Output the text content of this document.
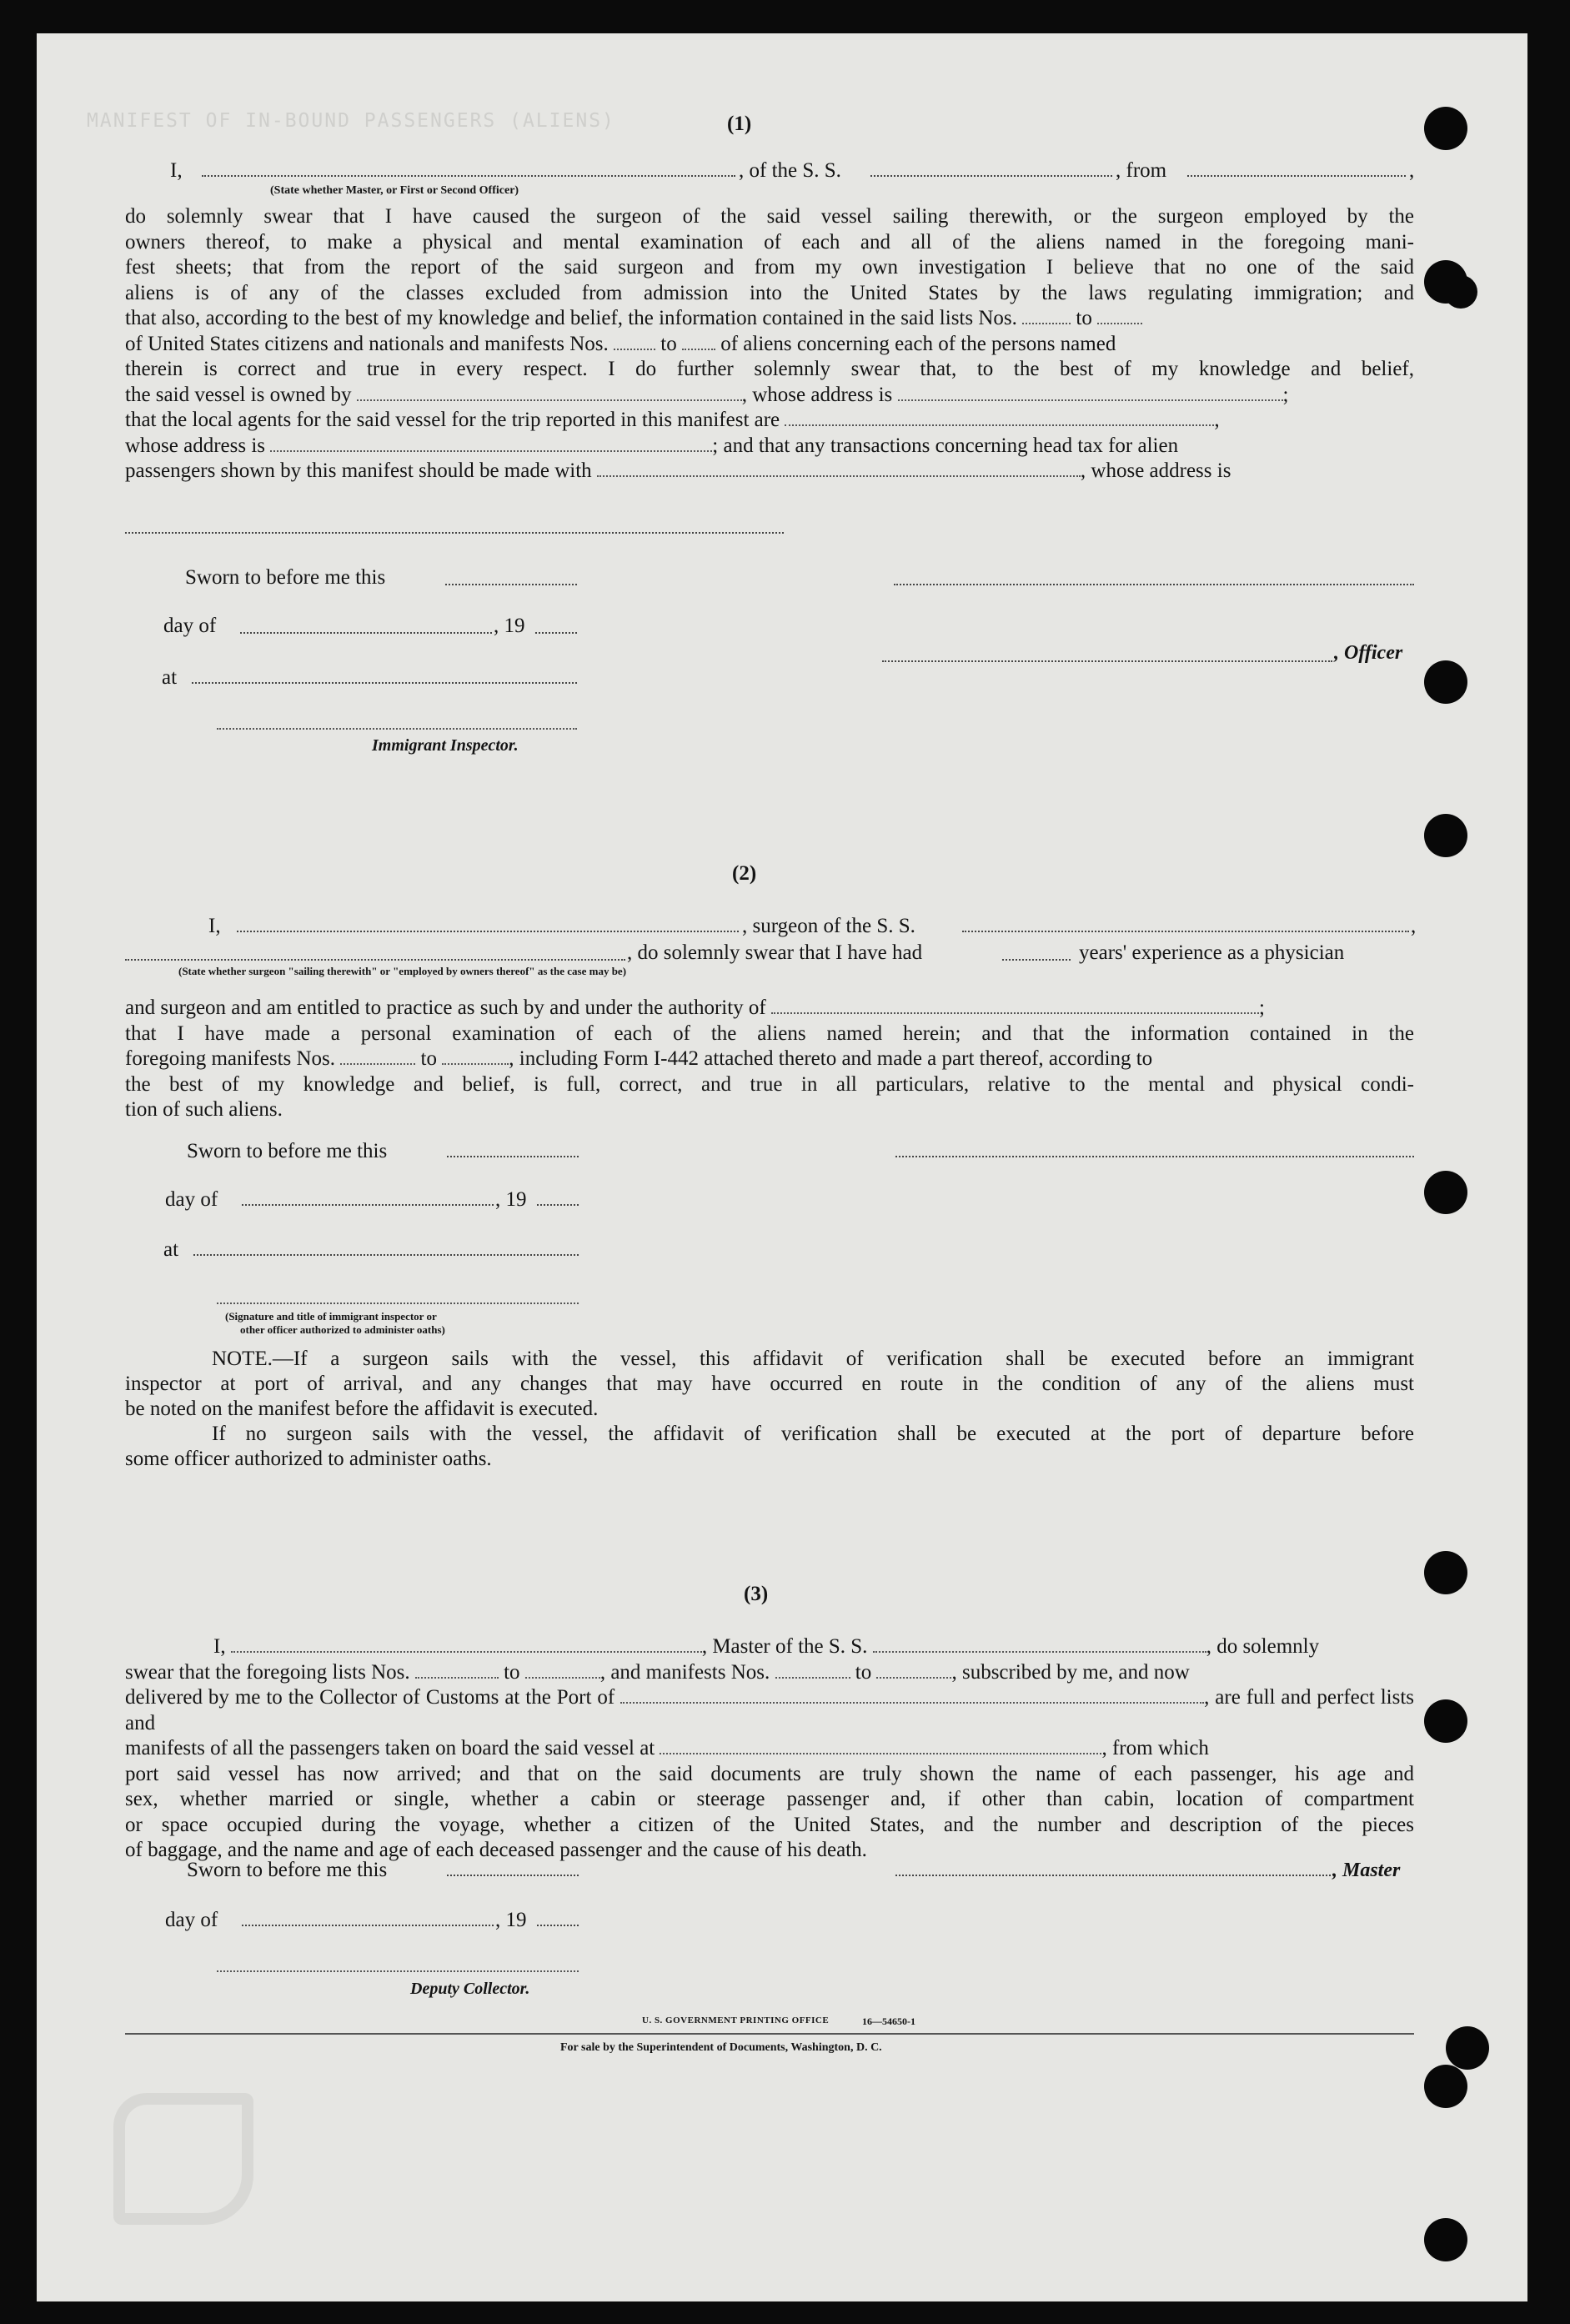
MANIFEST OF IN-BOUND PASSENGERS (ALIENS)	(1)
I,	, of the S. S.	, from	,
(State whether Master, or First or Second Officer)
do solemnly swear that I have caused the surgeon of the said vessel sailing therewith, or the surgeon employed by the
owners thereof, to make a physical and mental examination of each and all of the aliens named in the foregoing mani-
fest sheets; that from the report of the said surgeon and from my own investigation I believe that no one of the said
aliens is of any of the classes excluded from admission into the United States by the laws regulating immigration; and
that also, according to the best of my knowledge and belief, the information contained in the said lists Nos.	to
of United States citizens and nationals and manifests Nos.	to of aliens concerning each of the persons named
therein is correct and true in every respect. I do further solemnly swear that, to the best of my knowledge and belief,
the said vessel is owned by	, whose address is	;
that the local agents for the said vessel for the trip reported in this manifest are	,
whose address is	; and that any transactions concerning head tax for alien
passengers shown by this manifest should be made with	, whose address is
Sworn to before me this
day of	, 19
, Officer
at
Immigrant Inspector.
(2)
I,	, surgeon of the S. S.	,
, do solemnly swear that I have had	years' experience as a physician
(State whether surgeon "sailing therewith" or "employed by owners thereof" as the case may be)
and surgeon and am entitled to practice as such by and under the authority of	;
that I have made a personal examination of each of the aliens named herein; and that the information contained in the
foregoing manifests Nos.	to	, including Form I-442 attached thereto and made a part thereof, according to
the best of my knowledge and belief, is full, correct, and true in all particulars, relative to the mental and physical condi-
tion of such aliens.
Sworn to before me this
day of	, 19
at
(Signature and title of immigrant inspector or
other officer authorized to administer oaths)
NOTE.—If a surgeon sails with the vessel, this affidavit of verification shall be executed before an immigrant
inspector at port of arrival, and any changes that may have occurred en route in the condition of any of the aliens must
be noted on the manifest before the affidavit is executed.
If no surgeon sails with the vessel, the affidavit of verification shall be executed at the port of departure before
some officer authorized to administer oaths.
(3)
I,	, Master of the S. S.	, do solemnly
swear that the foregoing lists Nos.	to	, and manifests Nos.	to	, subscribed by me, and now
delivered by me to the Collector of Customs at the Port of	, are full and perfect lists and
manifests of all the passengers taken on board the said vessel at	, from which
port said vessel has now arrived; and that on the said documents are truly shown the name of each passenger, his age and
sex, whether married or single, whether a cabin or steerage passenger and, if other than cabin, location of compartment
or space occupied during the voyage, whether a citizen of the United States, and the number and description of the pieces
of baggage, and the name and age of each deceased passenger and the cause of his death.
Sworn to before me this	, Master
day of	, 19
Deputy Collector.
U. S. GOVERNMENT PRINTING OFFICE	16—54650-1
For sale by the Superintendent of Documents, Washington, D. C.
